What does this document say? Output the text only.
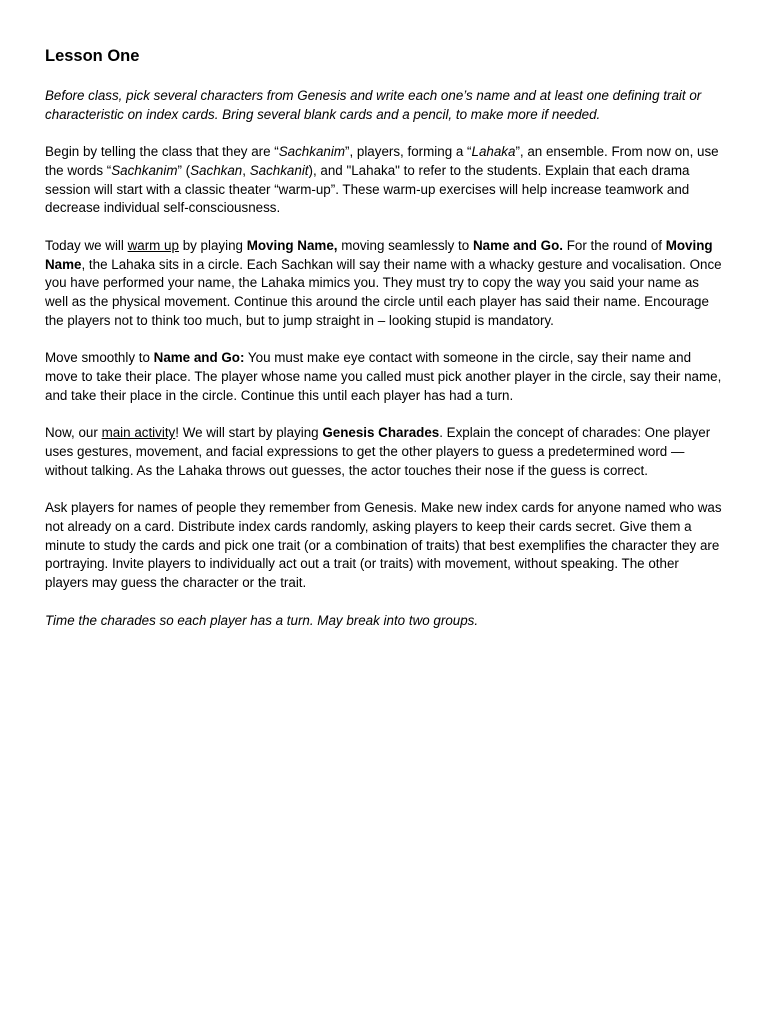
Lesson One

Before class, pick several characters from Genesis and write each one’s name and at least one defining trait or characteristic on index cards. Bring several blank cards and a pencil, to make more if needed.

Begin by telling the class that they are “Sachkanim”, players, forming a “Lahaka”, an ensemble. From now on, use the words “Sachkanim” (Sachkan, Sachkanit), and "Lahaka" to refer to the students. Explain that each drama session will start with a classic theater “warm-up”. These warm-up exercises will help increase teamwork and decrease individual self-consciousness.

Today we will warm up by playing Moving Name, moving seamlessly to Name and Go. For the round of Moving Name, the Lahaka sits in a circle. Each Sachkan will say their name with a whacky gesture and vocalisation. Once you have performed your name, the Lahaka mimics you. They must try to copy the way you said your name as well as the physical movement. Continue this around the circle until each player has said their name. Encourage the players not to think too much, but to jump straight in – looking stupid is mandatory.

Move smoothly to Name and Go: You must make eye contact with someone in the circle, say their name and move to take their place. The player whose name you called must pick another player in the circle, say their name, and take their place in the circle. Continue this until each player has had a turn.

Now, our main activity! We will start by playing Genesis Charades. Explain the concept of charades: One player uses gestures, movement, and facial expressions to get the other players to guess a predetermined word — without talking. As the Lahaka throws out guesses, the actor touches their nose if the guess is correct.

Ask players for names of people they remember from Genesis. Make new index cards for anyone named who was not already on a card. Distribute index cards randomly, asking players to keep their cards secret. Give them a minute to study the cards and pick one trait (or a combination of traits) that best exemplifies the character they are portraying. Invite players to individually act out a trait (or traits) with movement, without speaking. The other players may guess the character or the trait.

Time the charades so each player has a turn. May break into two groups.
